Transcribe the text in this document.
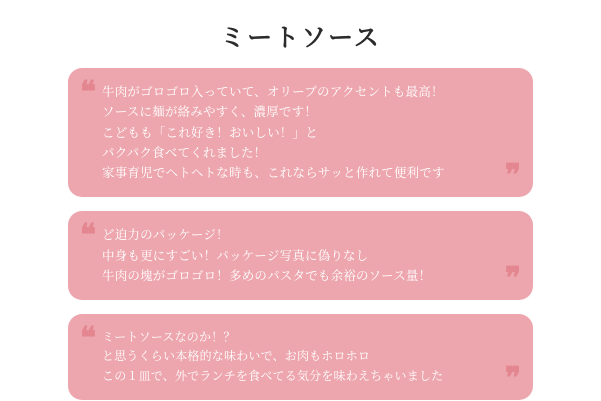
ミートソース
❝ 牛肉がゴロゴロ入っていて、オリーブのアクセントも最高！
ソースに麺が絡みやすく、濃厚です！
こどもも「これ好き！おいしい！」と
パクパク食べてくれました！
家事育児でヘトヘトな時も、これならサッと作れて便利です	❞
❝ ど迫力のパッケージ！
中身も更にすごい！パッケージ写真に偽りなし
牛肉の塊がゴロゴロ！多めのパスタでも余裕のソース量！	❞
❝ ミートソースなのか！？
と思うくらい本格的な味わいで、お肉もホロホロ
この１皿で、外でランチを食べてる気分を味わえちゃいました	❞
